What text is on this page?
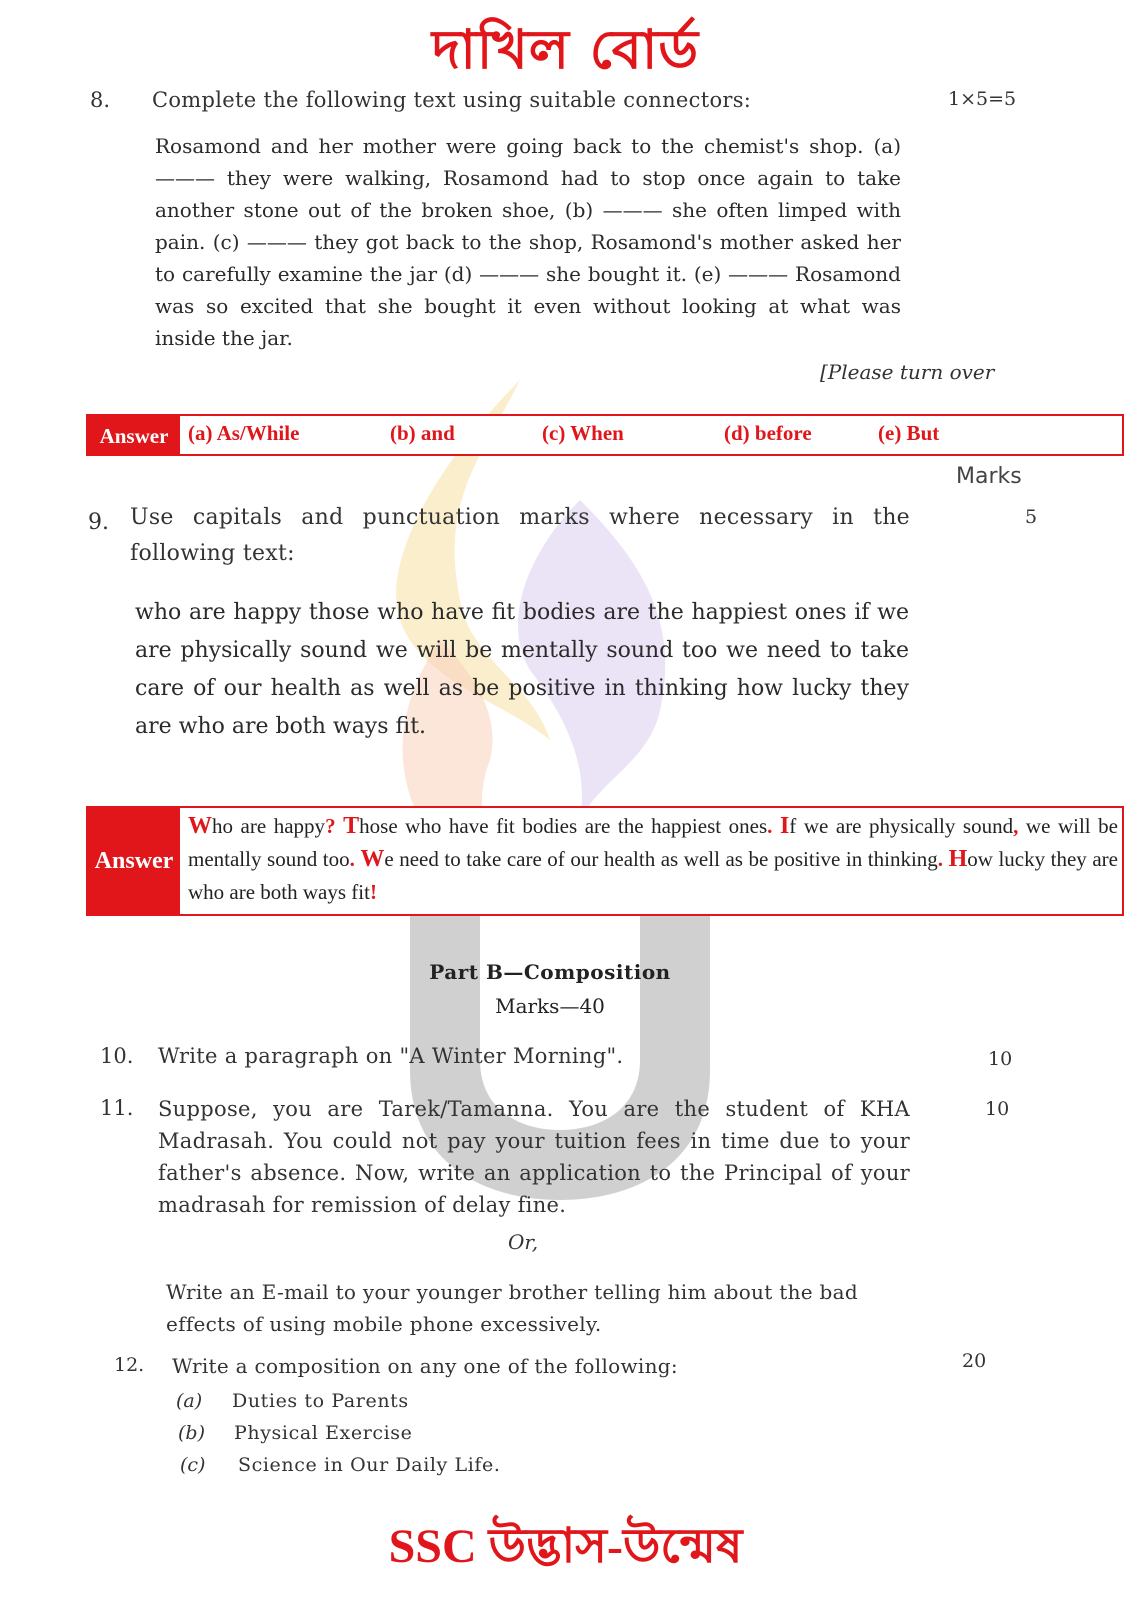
দাখিল বোর্ড
8. Complete the following text using suitable connectors:	1×5=5
Rosamond and her mother were going back to the chemist's shop. (a) ——— they were walking, Rosamond had to stop once again to take another stone out of the broken shoe, (b) ——— she often limped with pain. (c) ——— they got back to the shop, Rosamond's mother asked her to carefully examine the jar (d) ——— she bought it. (e) ——— Rosamond was so excited that she bought it even without looking at what was inside the jar.
[Please turn over
Answer (a) As/While	(b) and	(c) When	(d) before	(e) But
Marks
9. Use capitals and punctuation marks where necessary in the following text:
5
who are happy those who have fit bodies are the happiest ones if we are physically sound we will be mentally sound too we need to take care of our health as well as be positive in thinking how lucky they are who are both ways fit.
Answer
Who are happy? Those who have fit bodies are the happiest ones. If we are physically sound, we will be mentally sound too. We need to take care of our health as well as be positive in thinking. How lucky they are who are both ways fit!
Part B—Composition
Marks—40
10. Write a paragraph on "A Winter Morning".	10
11. Suppose, you are Tarek/Tamanna. You are the student of KHA Madrasah. You could not pay your tuition fees in time due to your father's absence. Now, write an application to the Principal of your madrasah for remission of delay fine.
10
Or,
Write an E-mail to your younger brother telling him about the bad effects of using mobile phone excessively.
12. Write a composition on any one of the following:	20
(a) Duties to Parents
(b) Physical Exercise
(c) Science in Our Daily Life.
SSC উদ্ভাস-উন্মেষ
